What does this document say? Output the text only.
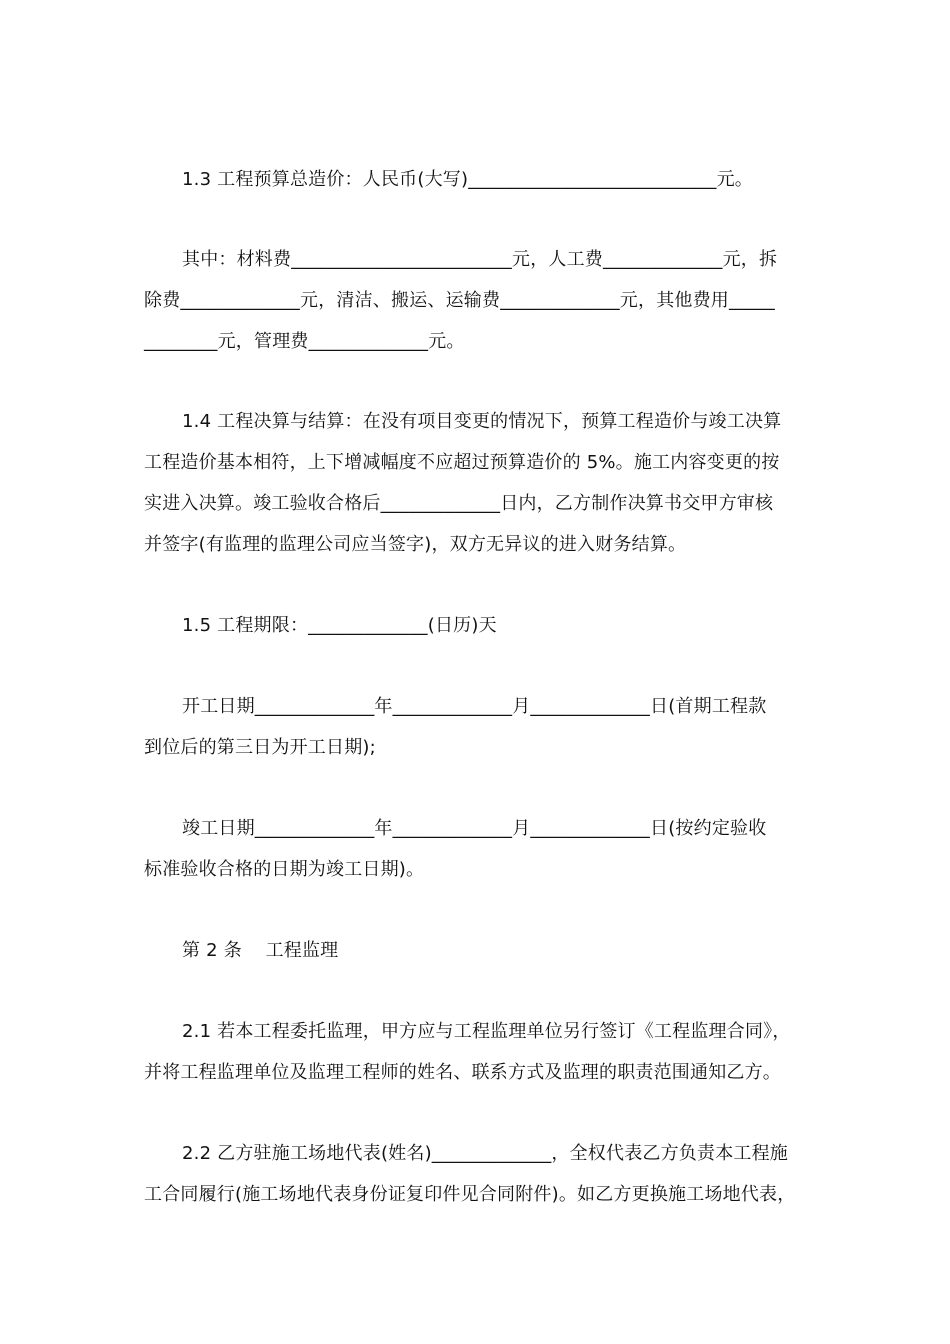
1.3 工程预算总造价：人民币(大写)___________________________元。
其中：材料费________________________元，人工费_____________元，拆
除费_____________元，清洁、搬运、运输费_____________元，其他费用_____
________元，管理费_____________元。
1.4 工程决算与结算：在没有项目变更的情况下，预算工程造价与竣工决算
工程造价基本相符，上下增减幅度不应超过预算造价的 5%。施工内容变更的按
实进入决算。竣工验收合格后_____________日内，乙方制作决算书交甲方审核
并签字(有监理的监理公司应当签字)，双方无异议的进入财务结算。
1.5 工程期限：_____________(日历)天
开工日期_____________年_____________月_____________日(首期工程款
到位后的第三日为开工日期);
竣工日期_____________年_____________月_____________日(按约定验收
标准验收合格的日期为竣工日期)。
第 2 条    工程监理
2.1 若本工程委托监理，甲方应与工程监理单位另行签订《工程监理合同》，
并将工程监理单位及监理工程师的姓名、联系方式及监理的职责范围通知乙方。
2.2 乙方驻施工场地代表(姓名)_____________，全权代表乙方负责本工程施
工合同履行(施工场地代表身份证复印件见合同附件)。如乙方更换施工场地代表，
